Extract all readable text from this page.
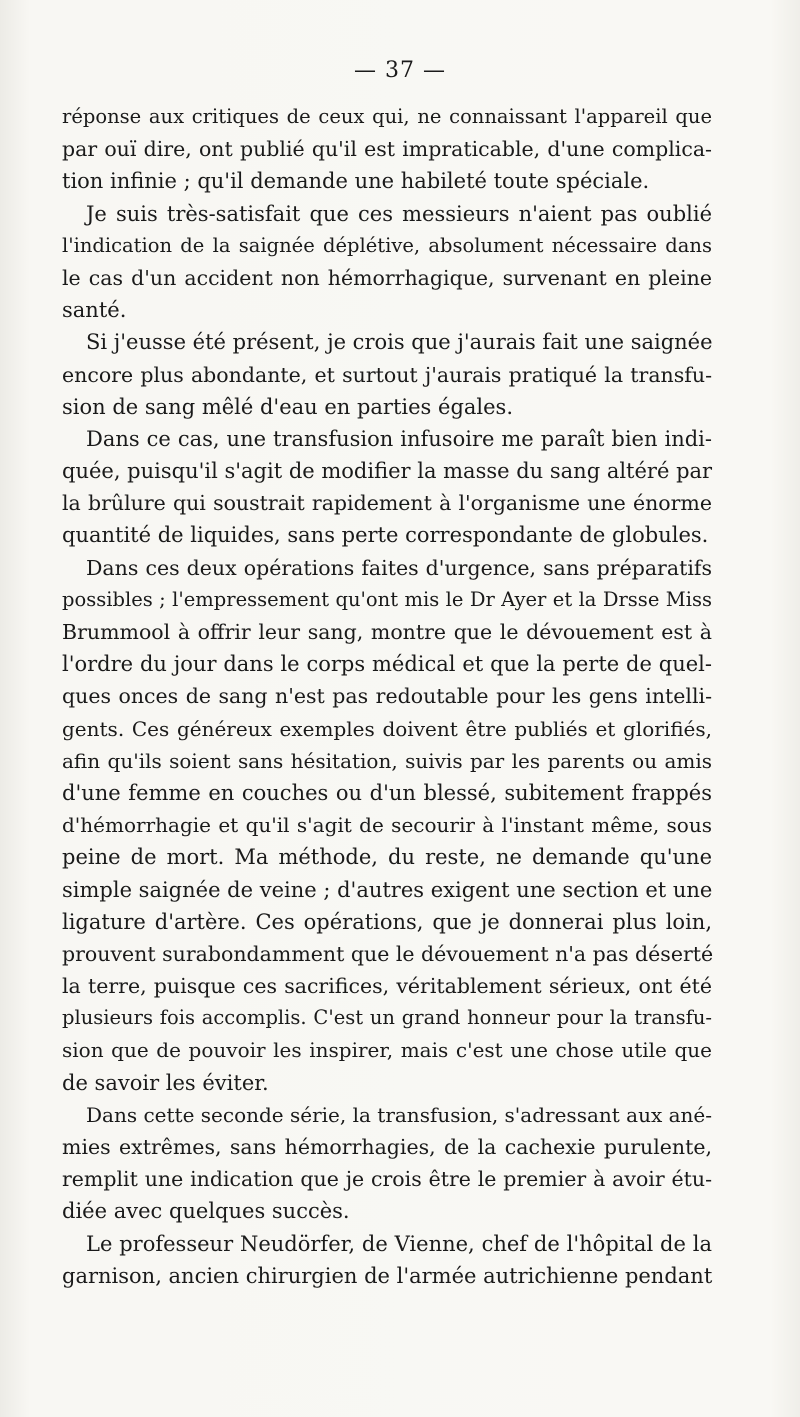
— 37 —
réponse aux critiques de ceux qui, ne connaissant l'appareil que
par ouï dire, ont publié qu'il est impraticable, d'une complica-
tion infinie ; qu'il demande une habileté toute spéciale.
Je suis très-satisfait que ces messieurs n'aient pas oublié
l'indication de la saignée déplétive, absolument nécessaire dans
le cas d'un accident non hémorrhagique, survenant en pleine
santé.
Si j'eusse été présent, je crois que j'aurais fait une saignée
encore plus abondante, et surtout j'aurais pratiqué la transfu-
sion de sang mêlé d'eau en parties égales.
Dans ce cas, une transfusion infusoire me paraît bien indi-
quée, puisqu'il s'agit de modifier la masse du sang altéré par
la brûlure qui soustrait rapidement à l'organisme une énorme
quantité de liquides, sans perte correspondante de globules.
Dans ces deux opérations faites d'urgence, sans préparatifs
possibles ; l'empressement qu'ont mis le Dr Ayer et la Drsse Miss
Brummool à offrir leur sang, montre que le dévouement est à
l'ordre du jour dans le corps médical et que la perte de quel-
ques onces de sang n'est pas redoutable pour les gens intelli-
gents. Ces généreux exemples doivent être publiés et glorifiés,
afin qu'ils soient sans hésitation, suivis par les parents ou amis
d'une femme en couches ou d'un blessé, subitement frappés
d'hémorrhagie et qu'il s'agit de secourir à l'instant même, sous
peine de mort. Ma méthode, du reste, ne demande qu'une
simple saignée de veine ; d'autres exigent une section et une
ligature d'artère. Ces opérations, que je donnerai plus loin,
prouvent surabondamment que le dévouement n'a pas déserté
la terre, puisque ces sacrifices, véritablement sérieux, ont été
plusieurs fois accomplis. C'est un grand honneur pour la transfu-
sion que de pouvoir les inspirer, mais c'est une chose utile que
de savoir les éviter.
Dans cette seconde série, la transfusion, s'adressant aux ané-
mies extrêmes, sans hémorrhagies, de la cachexie purulente,
remplit une indication que je crois être le premier à avoir étu-
diée avec quelques succès.
Le professeur Neudörfer, de Vienne, chef de l'hôpital de la
garnison, ancien chirurgien de l'armée autrichienne pendant
